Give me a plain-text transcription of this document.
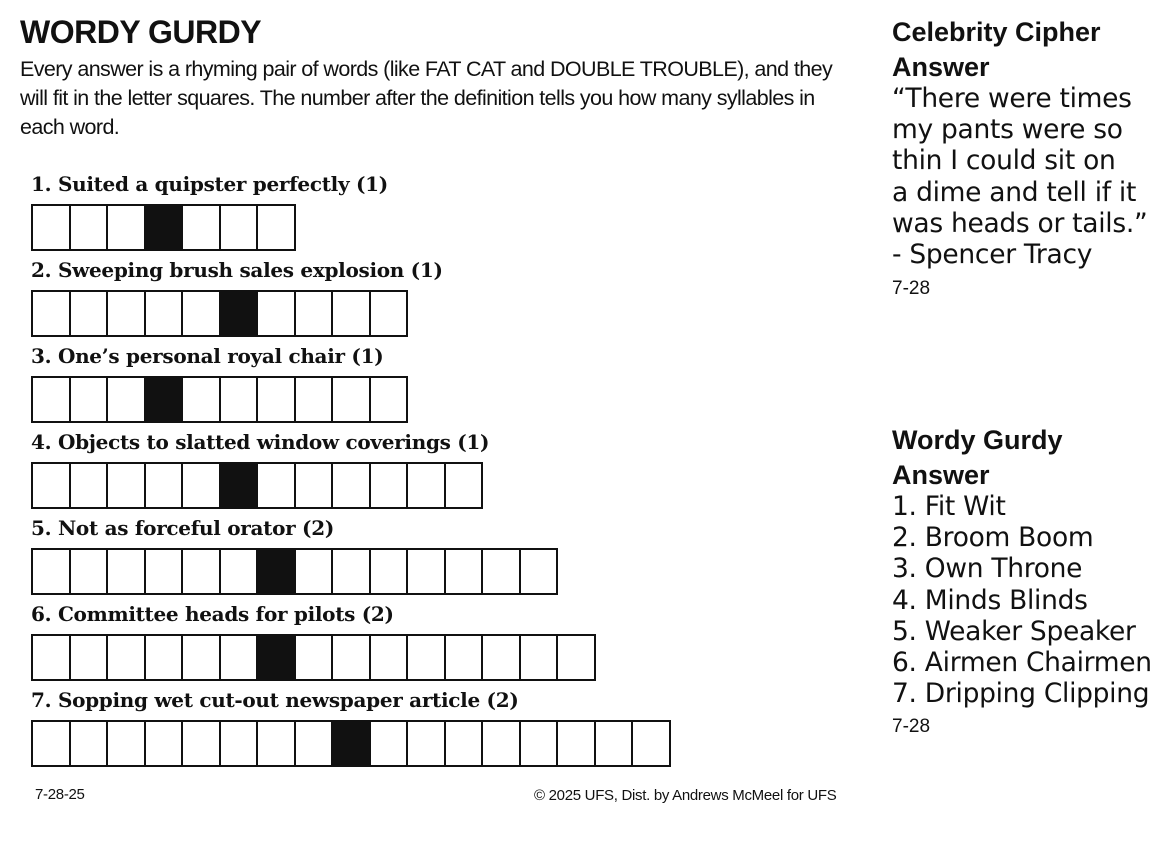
WORDY GURDY
Every answer is a rhyming pair of words (like FAT CAT and DOUBLE TROUBLE), and they will fit in the letter squares. The number after the definition tells you how many syllables in each word.
1. Suited a quipster perfectly (1)
2. Sweeping brush sales explosion (1)
3. One’s personal royal chair (1)
4. Objects to slatted window coverings (1)
5. Not as forceful orator (2)
6. Committee heads for pilots (2)
7. Sopping wet cut-out newspaper article (2)
7-28-25	© 2025 UFS, Dist. by Andrews McMeel for UFS
Celebrity Cipher
Answer
“There were times
my pants were so
thin I could sit on
a dime and tell if it
was heads or tails.”
- Spencer Tracy
7-28
Wordy Gurdy
Answer
1. Fit Wit
2. Broom Boom
3. Own Throne
4. Minds Blinds
5. Weaker Speaker
6. Airmen Chairmen
7. Dripping Clipping
7-28
